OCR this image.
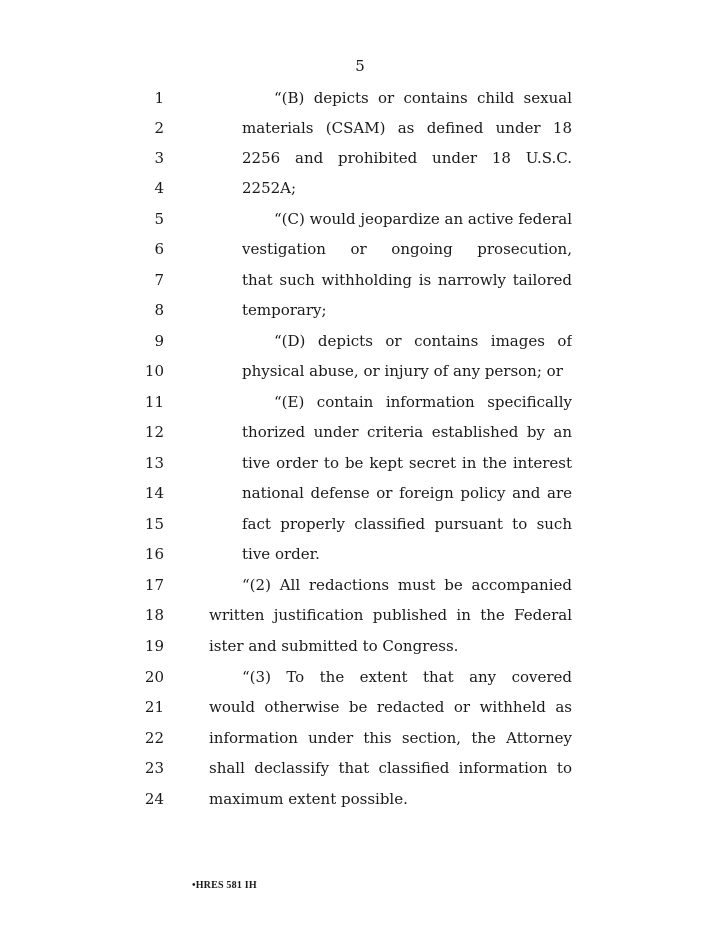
5
1	“(B) depicts or contains child sexual
2	materials (CSAM) as defined under 18
3	2256 and prohibited under 18 U.S.C.
4	2252A;
5	“(C) would jeopardize an active federal
6	vestigation or ongoing prosecution,
7	that such withholding is narrowly tailored
8	temporary;
9	“(D) depicts or contains images of
10	physical abuse, or injury of any person; or
11	“(E) contain information specifically
12	thorized under criteria established by an
13	tive order to be kept secret in the interest
14	national defense or foreign policy and are
15	fact properly classified pursuant to such
16	tive order.
17	“(2) All redactions must be accompanied
18	written justification published in the Federal
19	ister and submitted to Congress.
20	“(3) To the extent that any covered
21	would otherwise be redacted or withheld as
22	information under this section, the Attorney
23	shall declassify that classified information to
24	maximum extent possible.
•HRES 581 IH
